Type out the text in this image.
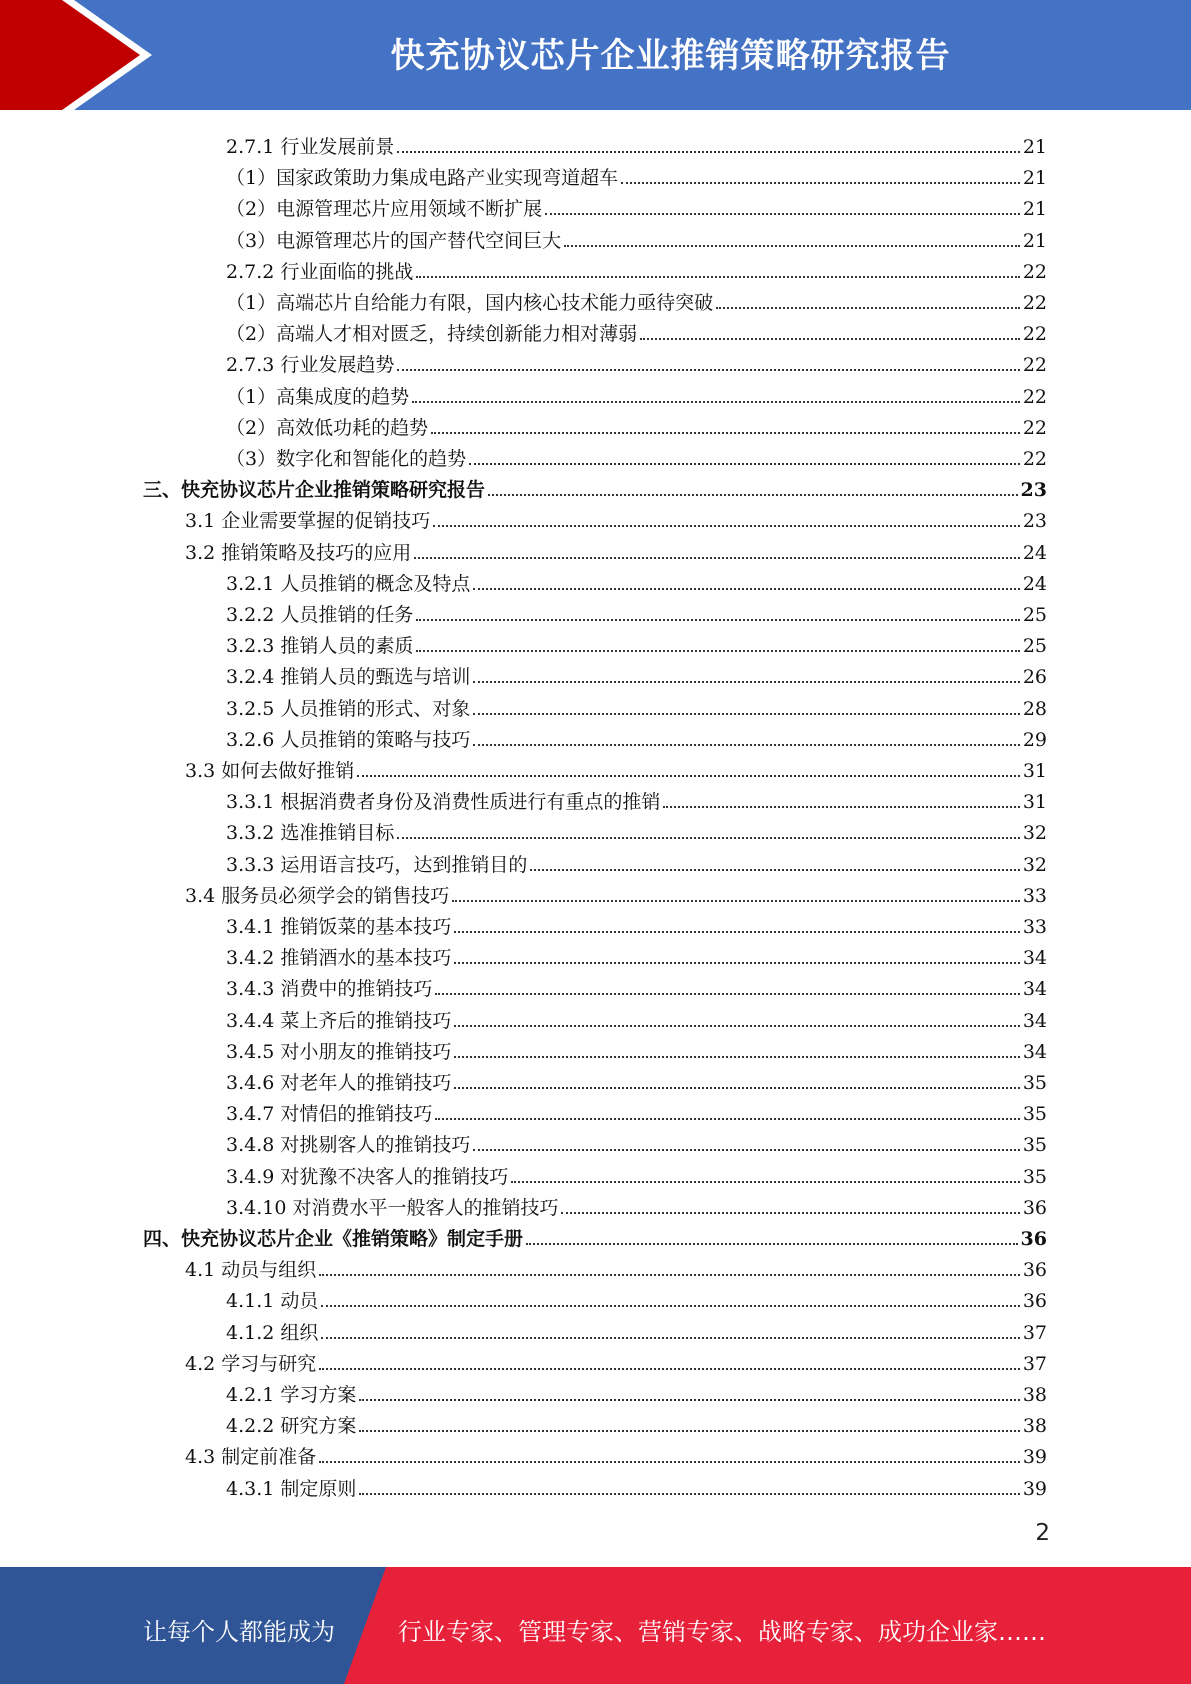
快充协议芯片企业推销策略研究报告
2.7.1 行业发展前景	21
（1）国家政策助力集成电路产业实现弯道超车	21
（2）电源管理芯片应用领域不断扩展	21
（3）电源管理芯片的国产替代空间巨大	21
2.7.2 行业面临的挑战	22
（1）高端芯片自给能力有限，国内核心技术能力亟待突破	22
（2）高端人才相对匮乏，持续创新能力相对薄弱	22
2.7.3 行业发展趋势	22
（1）高集成度的趋势	22
（2）高效低功耗的趋势	22
（3）数字化和智能化的趋势	22
三、快充协议芯片企业推销策略研究报告	23
3.1 企业需要掌握的促销技巧	23
3.2 推销策略及技巧的应用	24
3.2.1 人员推销的概念及特点	24
3.2.2 人员推销的任务	25
3.2.3 推销人员的素质	25
3.2.4 推销人员的甄选与培训	26
3.2.5 人员推销的形式、对象	28
3.2.6 人员推销的策略与技巧	29
3.3 如何去做好推销	31
3.3.1 根据消费者身份及消费性质进行有重点的推销	31
3.3.2 选准推销目标	32
3.3.3 运用语言技巧，达到推销目的	32
3.4 服务员必须学会的销售技巧	33
3.4.1 推销饭菜的基本技巧	33
3.4.2 推销酒水的基本技巧	34
3.4.3 消费中的推销技巧	34
3.4.4 菜上齐后的推销技巧	34
3.4.5 对小朋友的推销技巧	34
3.4.6 对老年人的推销技巧	35
3.4.7 对情侣的推销技巧	35
3.4.8 对挑剔客人的推销技巧	35
3.4.9 对犹豫不决客人的推销技巧	35
3.4.10 对消费水平一般客人的推销技巧	36
四、快充协议芯片企业《推销策略》制定手册	36
4.1 动员与组织	36
4.1.1 动员	36
4.1.2 组织	37
4.2 学习与研究	37
4.2.1 学习方案	38
4.2.2 研究方案	38
4.3 制定前准备	39
4.3.1 制定原则	39
2
让每个人都能成为	行业专家、管理专家、营销专家、战略专家、成功企业家……
